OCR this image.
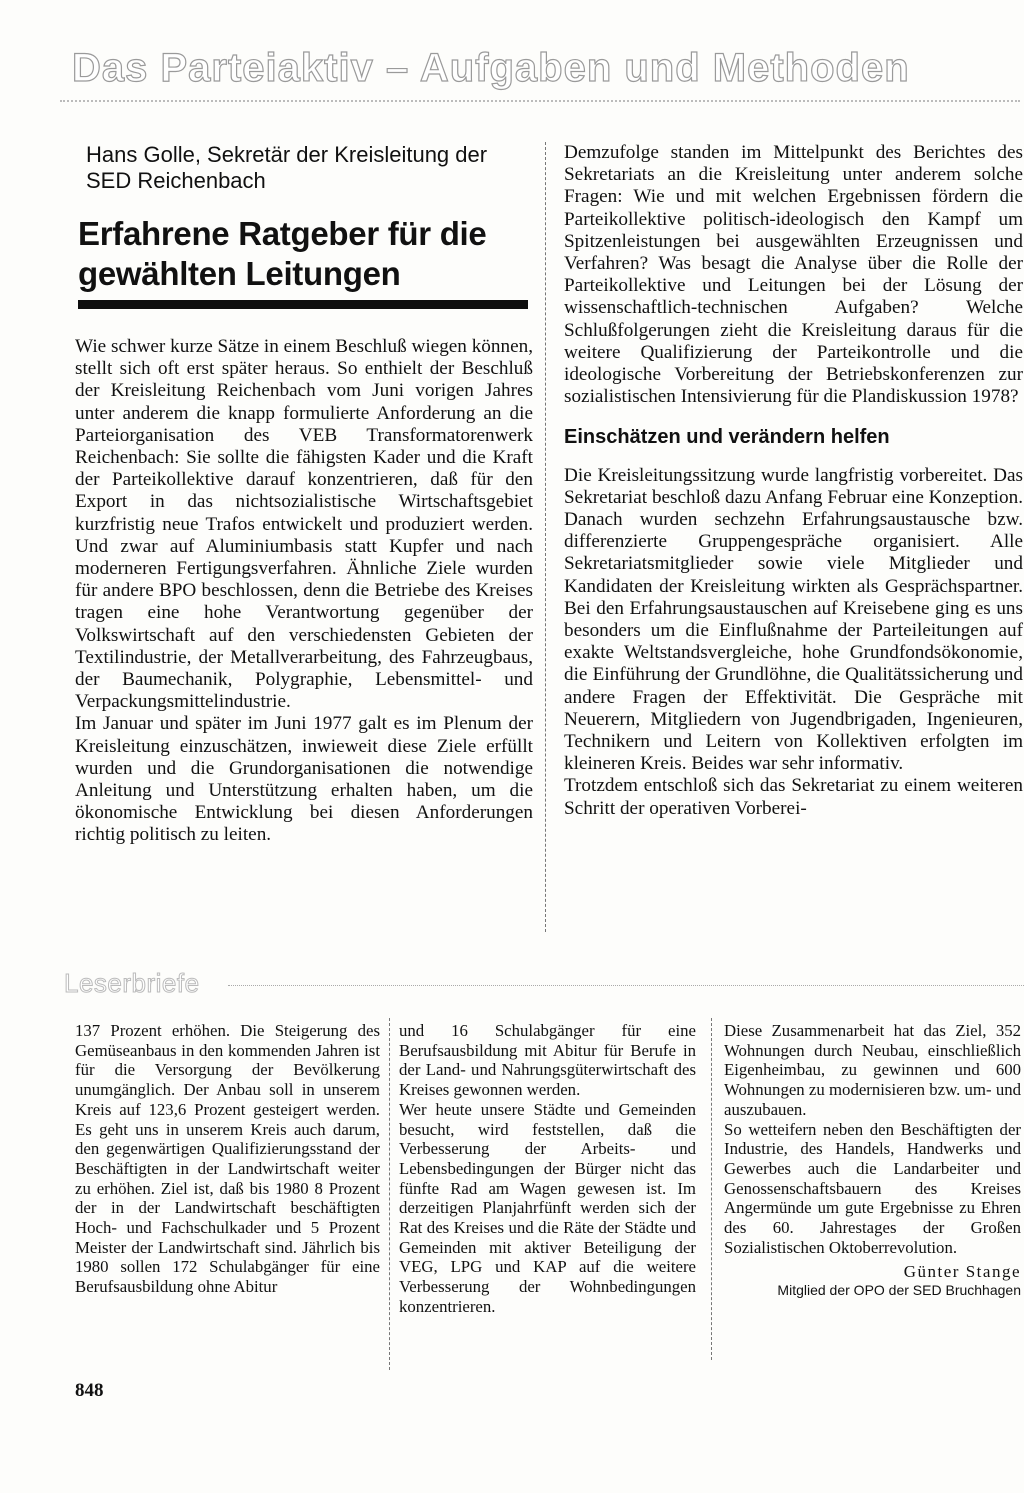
Das Parteiaktiv – Aufgaben und Methoden
Hans Golle, Sekretär der Kreisleitung der SED Reichenbach
Erfahrene Ratgeber für die gewählten Leitungen
Wie schwer kurze Sätze in einem Beschluß wiegen können, stellt sich oft erst später heraus. So enthielt der Beschluß der Kreisleitung Reichenbach vom Juni vorigen Jahres unter anderem die knapp formulierte Anforderung an die Parteiorganisation des VEB Transformatorenwerk Reichenbach: Sie sollte die fähigsten Kader und die Kraft der Parteikollektive darauf konzentrieren, daß für den Export in das nichtsozialistische Wirtschaftsgebiet kurzfristig neue Trafos entwickelt und produziert werden. Und zwar auf Aluminiumbasis statt Kupfer und nach moderneren Fertigungsverfahren. Ähnliche Ziele wurden für andere BPO beschlossen, denn die Betriebe des Kreises tragen eine hohe Verantwortung gegenüber der Volkswirtschaft auf den verschiedensten Gebieten der Textilindustrie, der Metallverarbeitung, des Fahrzeugbaus, der Baumechanik, Polygraphie, Lebensmittel- und Verpackungsmittelindustrie.
Im Januar und später im Juni 1977 galt es im Plenum der Kreisleitung einzuschätzen, inwieweit diese Ziele erfüllt wurden und die Grundorganisationen die notwendige Anleitung und Unterstützung erhalten haben, um die ökonomische Entwicklung bei diesen Anforderungen richtig politisch zu leiten.
Demzufolge standen im Mittelpunkt des Berichtes des Sekretariats an die Kreisleitung unter anderem solche Fragen: Wie und mit welchen Ergebnissen fördern die Parteikollektive politisch-ideologisch den Kampf um Spitzenleistungen bei ausgewählten Erzeugnissen und Verfahren? Was besagt die Analyse über die Rolle der Parteikollektive und Leitungen bei der Lösung der wissenschaftlich-technischen Aufgaben? Welche Schlußfolgerungen zieht die Kreisleitung daraus für die weitere Qualifizierung der Parteikontrolle und die ideologische Vorbereitung der Betriebskonferenzen zur sozialistischen Intensivierung für die Plandiskussion 1978?
Einschätzen und verändern helfen
Die Kreisleitungssitzung wurde langfristig vorbereitet. Das Sekretariat beschloß dazu Anfang Februar eine Konzeption. Danach wurden sechzehn Erfahrungsaustausche bzw. differenzierte Gruppengespräche organisiert. Alle Sekretariatsmitglieder sowie viele Mitglieder und Kandidaten der Kreisleitung wirkten als Gesprächspartner. Bei den Erfahrungsaustauschen auf Kreisebene ging es uns besonders um die Einflußnahme der Parteileitungen auf exakte Weltstandsvergleiche, hohe Grundfondsökonomie, die Einführung der Grundlöhne, die Qualitätssicherung und andere Fragen der Effektivität. Die Gespräche mit Neuerern, Mitgliedern von Jugendbrigaden, Ingenieuren, Technikern und Leitern von Kollektiven erfolgten im kleineren Kreis. Beides war sehr informativ.
Trotzdem entschloß sich das Sekretariat zu einem weiteren Schritt der operativen Vorberei-
Leserbriefe
137 Prozent erhöhen. Die Steigerung des Gemüseanbaus in den kommenden Jahren ist für die Versorgung der Bevölkerung unumgänglich. Der Anbau soll in unserem Kreis auf 123,6 Prozent gesteigert werden. Es geht uns in unserem Kreis auch darum, den gegenwärtigen Qualifizierungsstand der Beschäftigten in der Landwirtschaft weiter zu erhöhen. Ziel ist, daß bis 1980 8 Prozent der in der Landwirtschaft beschäftigten Hoch- und Fachschulkader und 5 Prozent Meister der Landwirtschaft sind. Jährlich bis 1980 sollen 172 Schulabgänger für eine Berufsausbildung ohne Abitur
und 16 Schulabgänger für eine Berufsausbildung mit Abitur für Berufe in der Land- und Nahrungsgüterwirtschaft des Kreises gewonnen werden.
Wer heute unsere Städte und Gemeinden besucht, wird feststellen, daß die Verbesserung der Arbeits- und Lebensbedingungen der Bürger nicht das fünfte Rad am Wagen gewesen ist. Im derzeitigen Planjahrfünft werden sich der Rat des Kreises und die Räte der Städte und Gemeinden mit aktiver Beteiligung der VEG, LPG und KAP auf die weitere Verbesserung der Wohnbedingungen konzentrieren.
Diese Zusammenarbeit hat das Ziel, 352 Wohnungen durch Neubau, einschließlich Eigenheimbau, zu gewinnen und 600 Wohnungen zu modernisieren bzw. um- und auszubauen.
So wetteifern neben den Beschäftigten der Industrie, des Handels, Handwerks und Gewerbes auch die Landarbeiter und Genossenschaftsbauern des Kreises Angermünde um gute Ergebnisse zu Ehren des 60. Jahrestages der Großen Sozialistischen Oktoberrevolution.
Günter Stange
Mitglied der OPO der SED Bruchhagen
848
